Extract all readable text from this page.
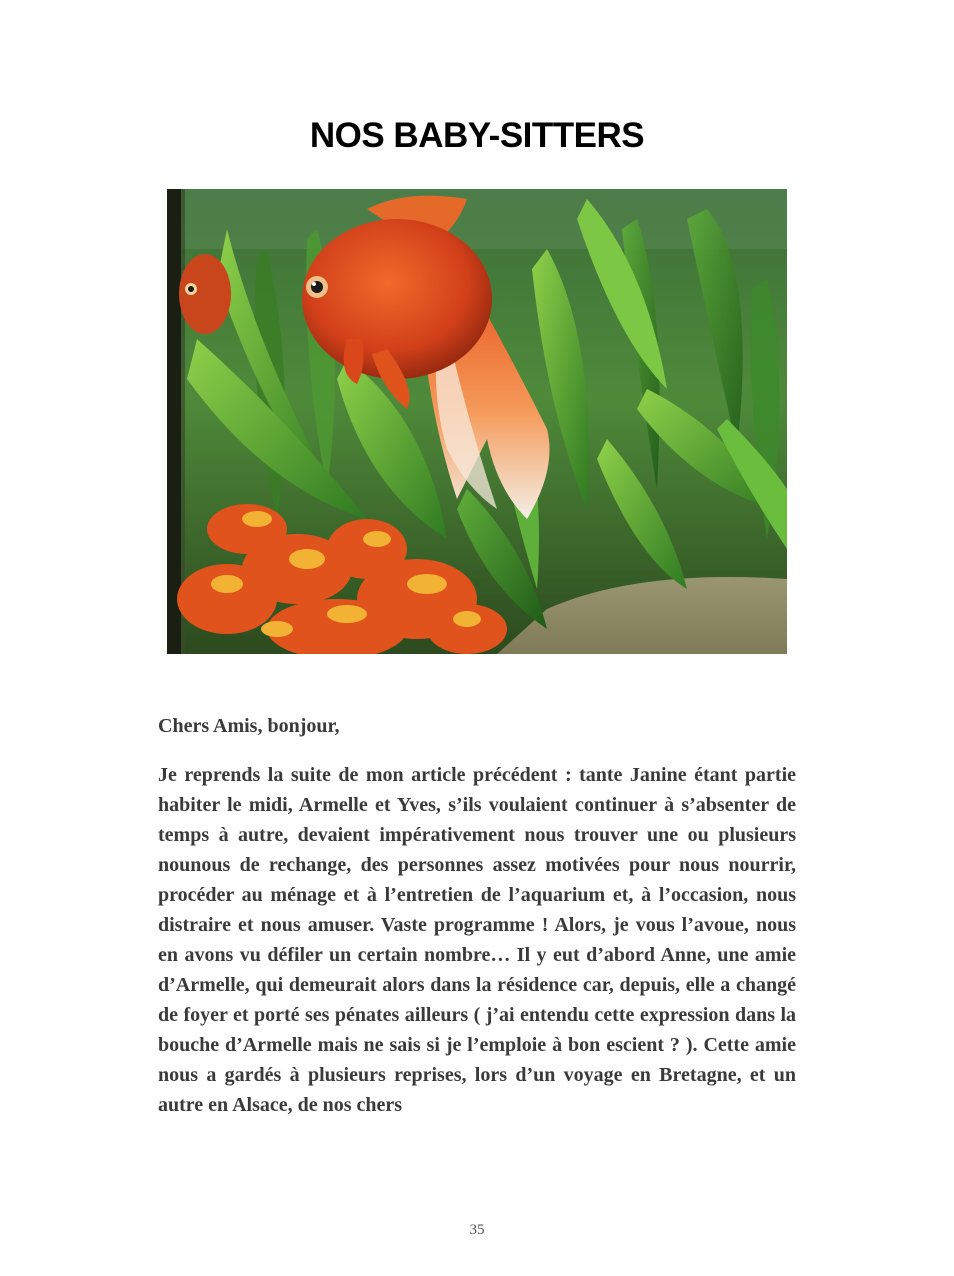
NOS BABY-SITTERS

Chers Amis, bonjour,

Je reprends la suite de mon article précédent : tante Janine étant partie habiter le midi, Armelle et Yves, s’ils voulaient continuer à s’absenter de temps à autre, devaient impérativement nous trouver une ou plusieurs nounous de rechange, des personnes assez motivées pour nous nourrir, procéder au ménage et à l’entretien de l’aquarium et, à l’occasion, nous distraire et nous amuser. Vaste programme ! Alors, je vous l’avoue, nous en avons vu défiler un certain nombre… Il y eut d’abord Anne, une amie d’Armelle, qui demeurait alors dans la résidence car, depuis, elle a changé de foyer et porté ses pénates ailleurs ( j’ai entendu cette expression dans la bouche d’Armelle mais ne sais si je l’emploie à bon escient ? ). Cette amie nous a gardés à plusieurs reprises, lors d’un voyage en Bretagne, et un autre en Alsace, de nos chers

35
